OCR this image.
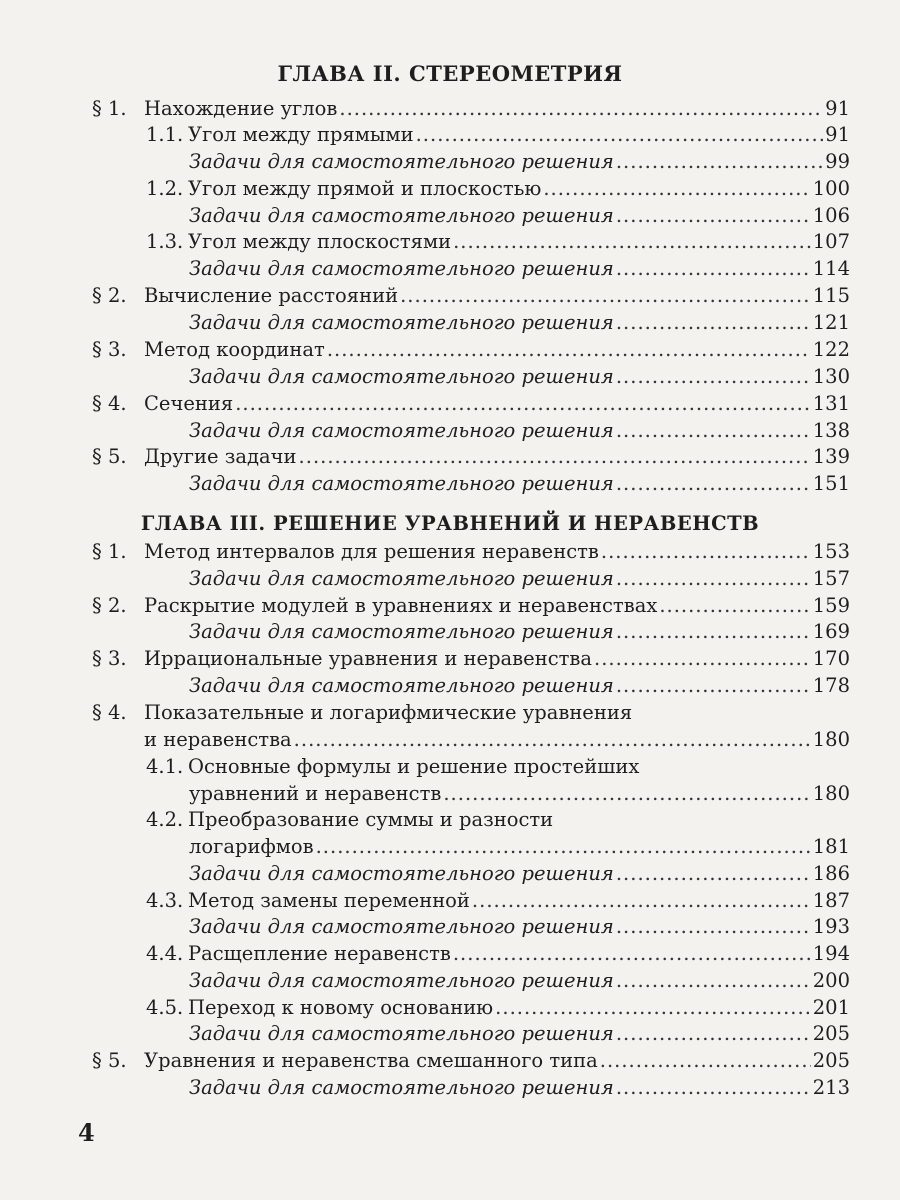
ГЛАВА II. СТЕРЕОМЕТРИЯ
§ 1. Нахождение углов .....	91
1.1. Угол между прямыми .....	91
Задачи для самостоятельного решения .....	99
1.2. Угол между прямой и плоскостью .....	100
Задачи для самостоятельного решения .....	106
1.3. Угол между плоскостями .....	107
Задачи для самостоятельного решения .....	114
§ 2. Вычисление расстояний .....	115
Задачи для самостоятельного решения .....	121
§ 3. Метод координат .....	122
Задачи для самостоятельного решения .....	130
§ 4. Сечения .....	131
Задачи для самостоятельного решения .....	138
§ 5. Другие задачи .....	139
Задачи для самостоятельного решения .....	151
ГЛАВА III. РЕШЕНИЕ УРАВНЕНИЙ И НЕРАВЕНСТВ
§ 1. Метод интервалов для решения неравенств .....	153
Задачи для самостоятельного решения .....	157
§ 2. Раскрытие модулей в уравнениях и неравенствах .....	159
Задачи для самостоятельного решения .....	169
§ 3. Иррациональные уравнения и неравенства .....	170
Задачи для самостоятельного решения .....	178
§ 4. Показательные и логарифмические уравнения
и неравенства .....	180
4.1. Основные формулы и решение простейших
уравнений и неравенств .....	180
4.2. Преобразование суммы и разности
логарифмов .....	181
Задачи для самостоятельного решения .....	186
4.3. Метод замены переменной .....	187
Задачи для самостоятельного решения .....	193
4.4. Расщепление неравенств .....	194
Задачи для самостоятельного решения .....	200
4.5. Переход к новому основанию .....	201
Задачи для самостоятельного решения .....	205
§ 5. Уравнения и неравенства смешанного типа .....	205
Задачи для самостоятельного решения .....	213
4
